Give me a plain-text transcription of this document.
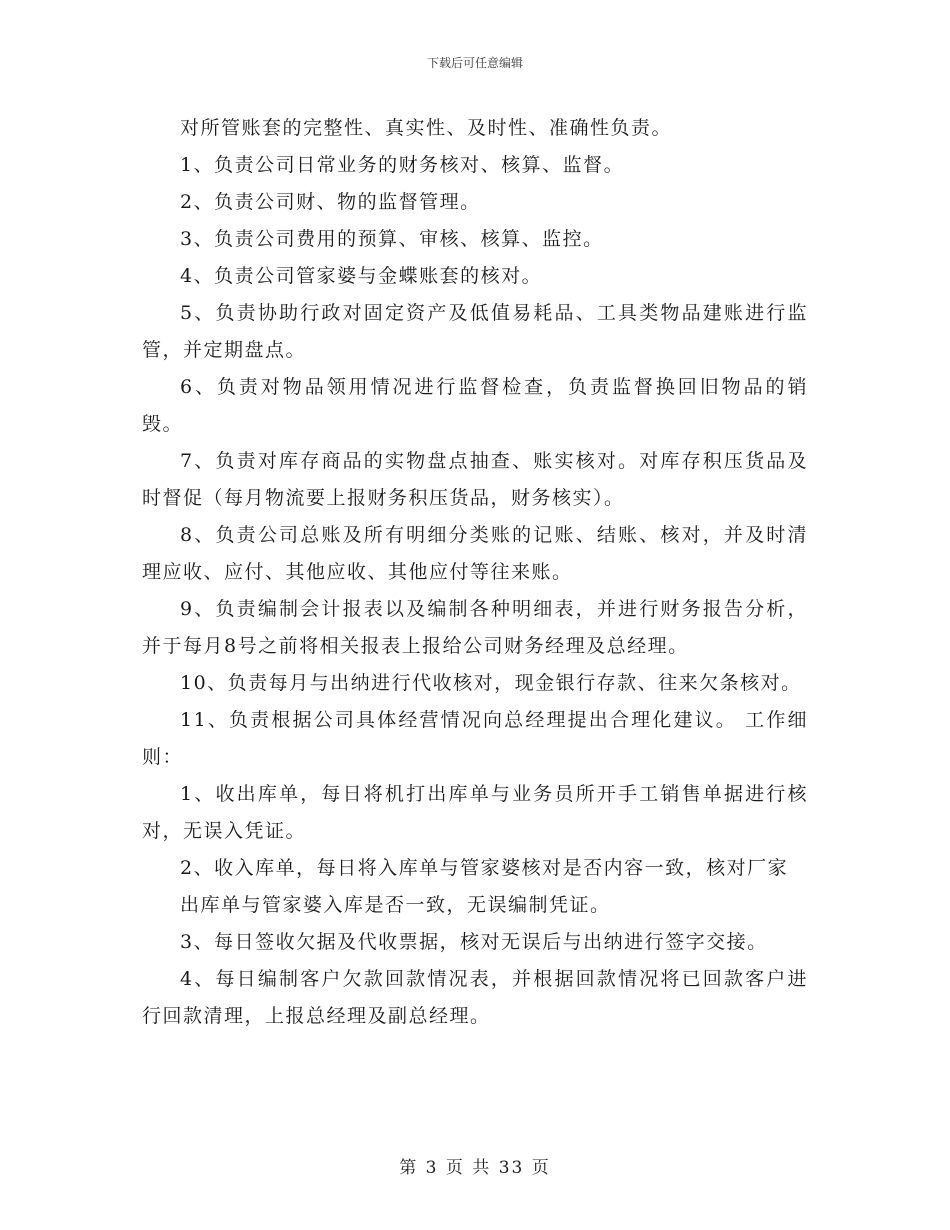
下载后可任意编辑

对所管账套的完整性、真实性、及时性、准确性负责。

1、负责公司日常业务的财务核对、核算、监督。

2、负责公司财、物的监督管理。

3、负责公司费用的预算、审核、核算、监控。

4、负责公司管家婆与金蝶账套的核对。

5、负责协助行政对固定资产及低值易耗品、工具类物品建账进行监管，并定期盘点。

6、负责对物品领用情况进行监督检查，负责监督换回旧物品的销毁。

7、负责对库存商品的实物盘点抽查、账实核对。对库存积压货品及时督促（每月物流要上报财务积压货品，财务核实）。

8、负责公司总账及所有明细分类账的记账、结账、核对，并及时清理应收、应付、其他应收、其他应付等往来账。

9、负责编制会计报表以及编制各种明细表，并进行财务报告分析，并于每月8号之前将相关报表上报给公司财务经理及总经理。

10、负责每月与出纳进行代收核对，现金银行存款、往来欠条核对。

11、负责根据公司具体经营情况向总经理提出合理化建议。 工作细则：

1、收出库单，每日将机打出库单与业务员所开手工销售单据进行核对，无误入凭证。

2、收入库单，每日将入库单与管家婆核对是否内容一致，核对厂家

出库单与管家婆入库是否一致，无误编制凭证。

3、每日签收欠据及代收票据，核对无误后与出纳进行签字交接。

4、每日编制客户欠款回款情况表，并根据回款情况将已回款客户进行回款清理，上报总经理及副总经理。

第 3 页 共 33 页
